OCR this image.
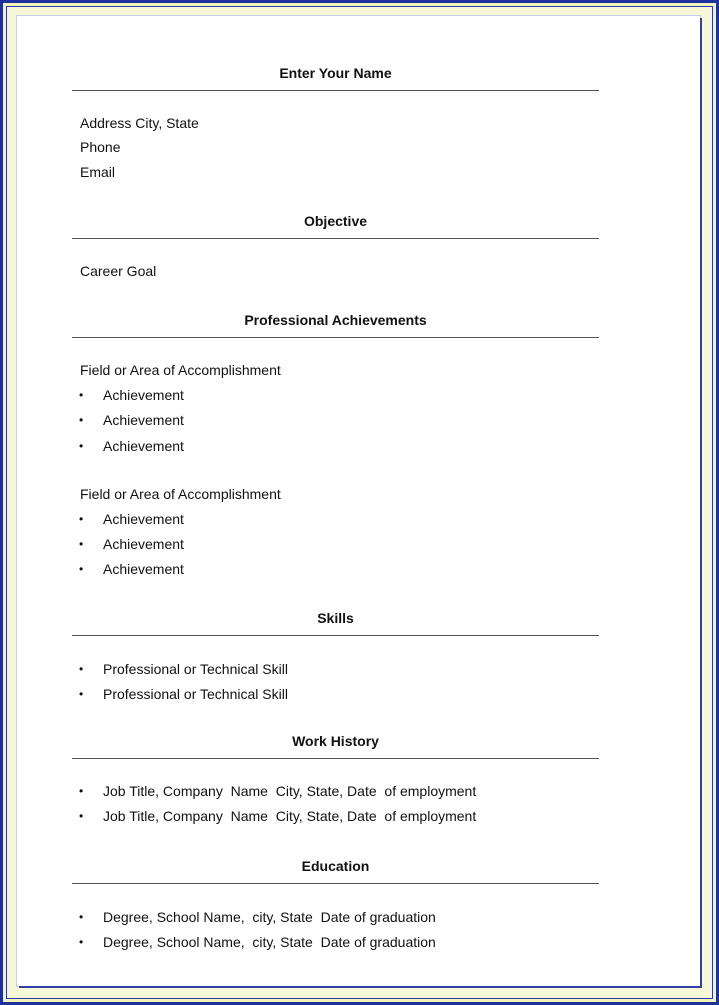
Enter Your Name
Address City, State
Phone
Email
Objective
Career Goal
Professional Achievements
Field or Area of Accomplishment
• Achievement
• Achievement
• Achievement
Field or Area of Accomplishment
• Achievement
• Achievement
• Achievement
Skills
• Professional or Technical Skill
• Professional or Technical Skill
Work History
• Job Title, Company  Name  City, State, Date  of employment
• Job Title, Company  Name  City, State, Date  of employment
Education
• Degree, School Name,  city, State  Date of graduation
• Degree, School Name,  city, State  Date of graduation
